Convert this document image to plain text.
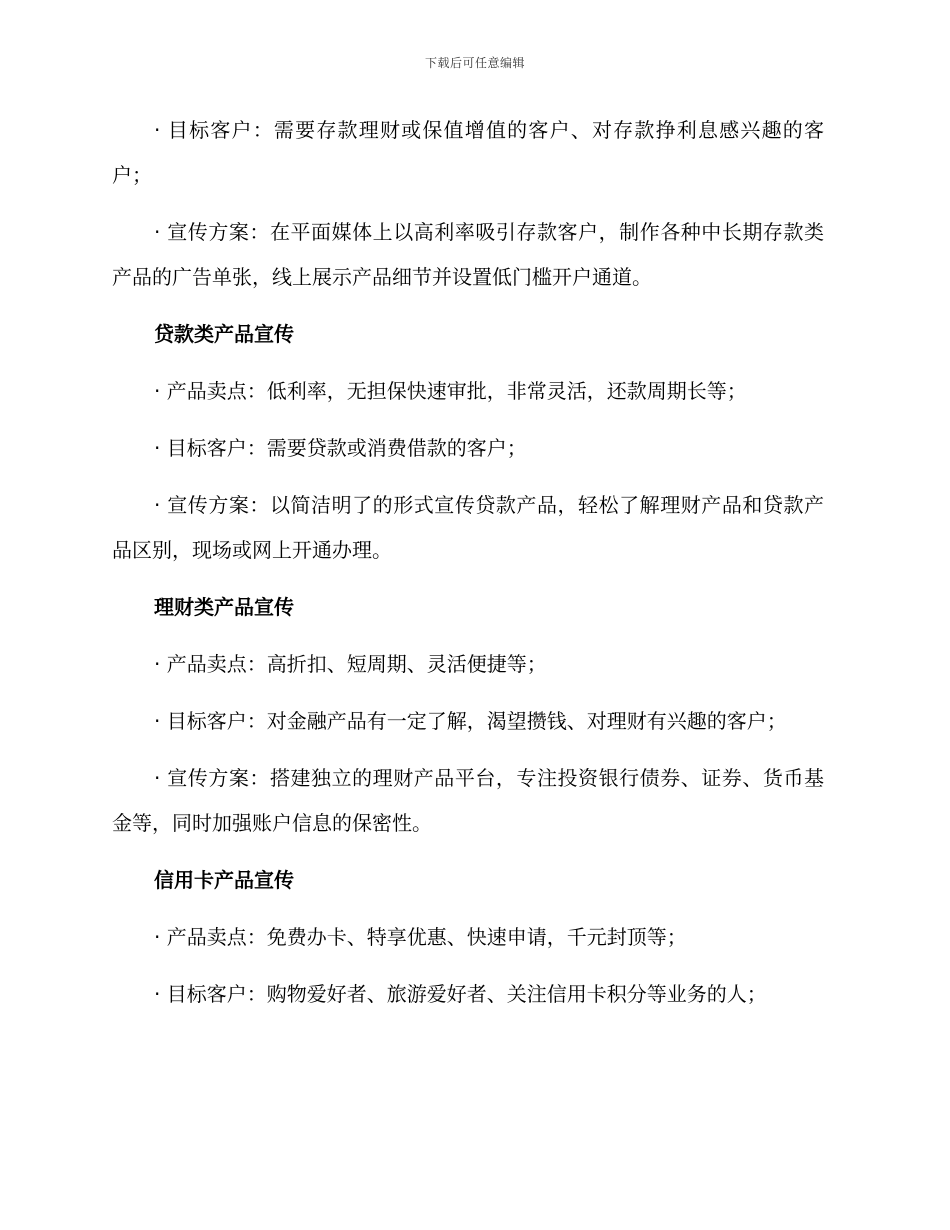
下载后可任意编辑

· 目标客户：需要存款理财或保值增值的客户、对存款挣利息感兴趣的客户；

· 宣传方案：在平面媒体上以高利率吸引存款客户，制作各种中长期存款类产品的广告单张，线上展示产品细节并设置低门槛开户通道。

贷款类产品宣传

· 产品卖点：低利率，无担保快速审批，非常灵活，还款周期长等；

· 目标客户：需要贷款或消费借款的客户；

· 宣传方案：以简洁明了的形式宣传贷款产品，轻松了解理财产品和贷款产品区别，现场或网上开通办理。

理财类产品宣传

· 产品卖点：高折扣、短周期、灵活便捷等；

· 目标客户：对金融产品有一定了解，渴望攒钱、对理财有兴趣的客户；

· 宣传方案：搭建独立的理财产品平台，专注投资银行债券、证券、货币基金等，同时加强账户信息的保密性。

信用卡产品宣传

· 产品卖点：免费办卡、特享优惠、快速申请，千元封顶等；

· 目标客户：购物爱好者、旅游爱好者、关注信用卡积分等业务的人；
